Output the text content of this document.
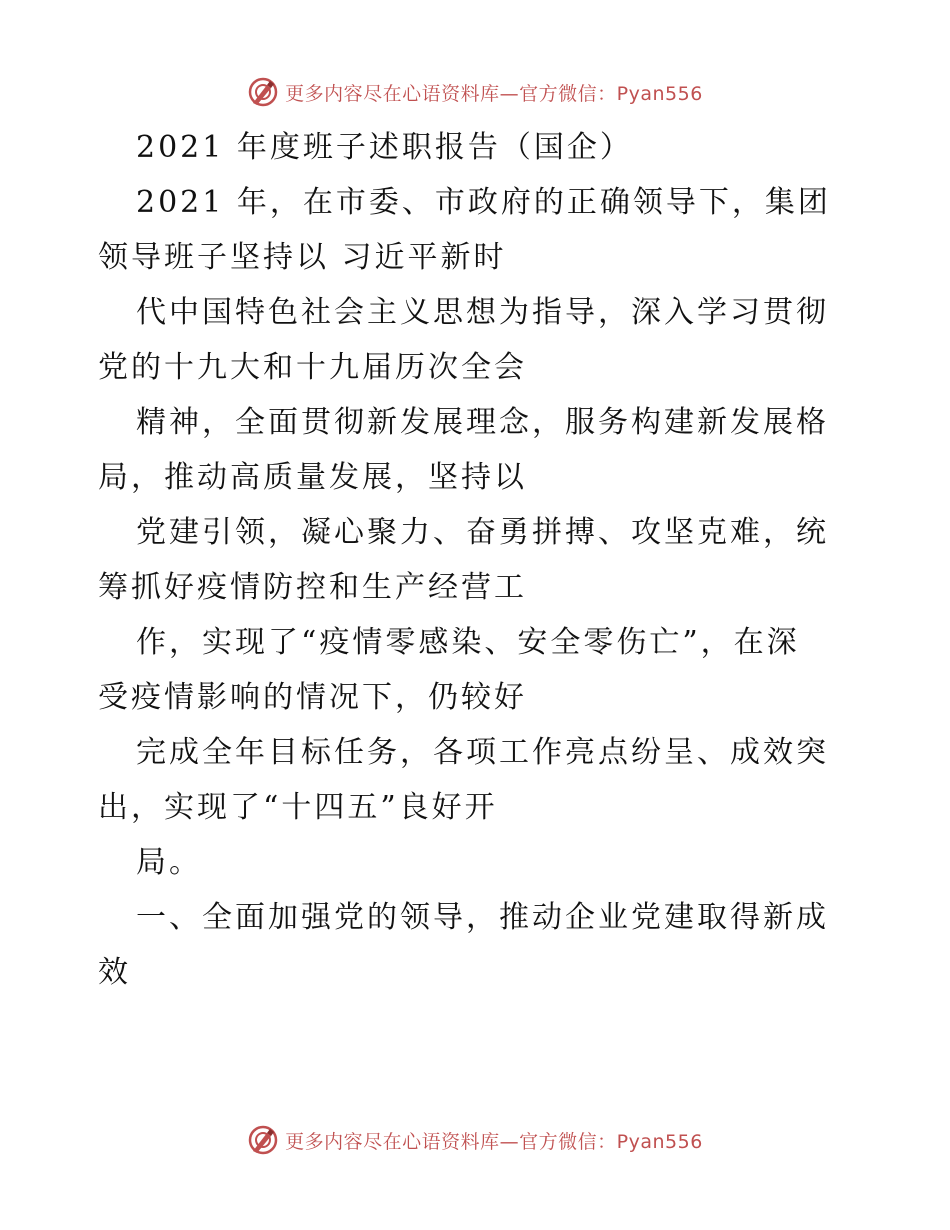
更多内容尽在心语资料库—官方微信：Pyan556
2021 年度班子述职报告（国企）
2021 年，在市委、市政府的正确领导下，集团
领导班子坚持以 习近平新时
代中国特色社会主义思想为指导，深入学习贯彻
党的十九大和十九届历次全会
精神，全面贯彻新发展理念，服务构建新发展格
局，推动高质量发展，坚持以
党建引领，凝心聚力、奋勇拼搏、攻坚克难，统
筹抓好疫情防控和生产经营工
作，实现了“疫情零感染、安全零伤亡”，在深
受疫情影响的情况下，仍较好
完成全年目标任务，各项工作亮点纷呈、成效突
出，实现了“十四五”良好开
局。
一、全面加强党的领导，推动企业党建取得新成
效
更多内容尽在心语资料库—官方微信：Pyan556
